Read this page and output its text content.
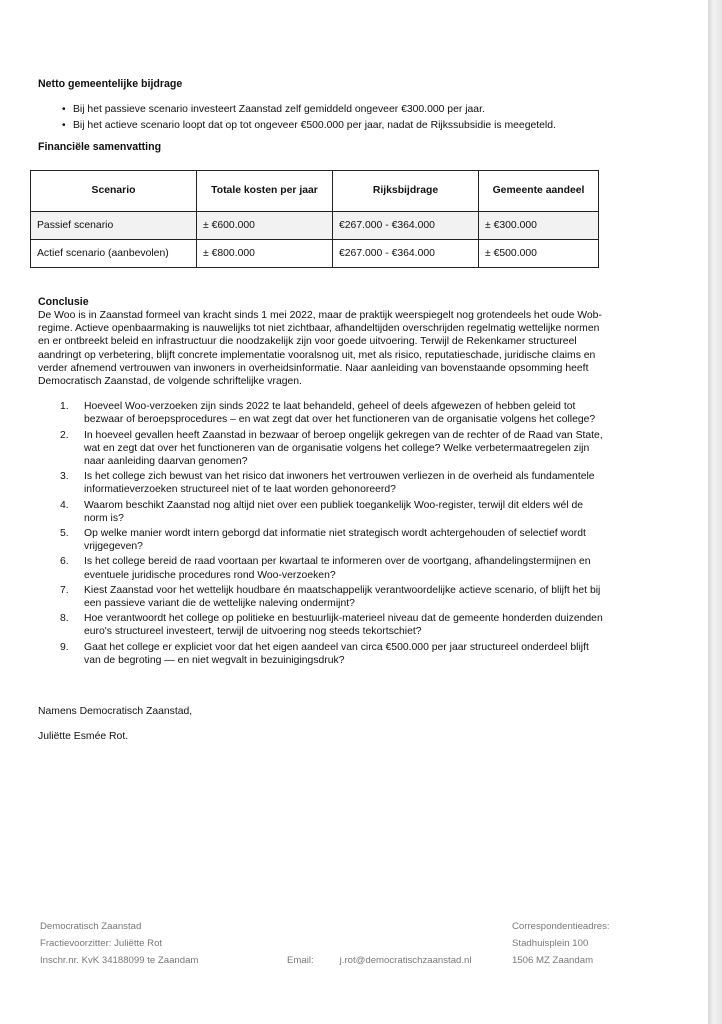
Netto gemeentelijke bijdrage
• Bij het passieve scenario investeert Zaanstad zelf gemiddeld ongeveer €300.000 per jaar.
• Bij het actieve scenario loopt dat op tot ongeveer €500.000 per jaar, nadat de Rijkssubsidie is meegeteld.
Financiële samenvatting
Scenario	Totale kosten per jaar	Rijksbijdrage	Gemeente aandeel
Passief scenario	± €600.000	€267.000 - €364.000	± €300.000
Actief scenario (aanbevolen)	± €800.000	€267.000 - €364.000	± €500.000
Conclusie

De Woo is in Zaanstad formeel van kracht sinds 1 mei 2022, maar de praktijk weerspiegelt nog grotendeels het oude Wob-regime. Actieve openbaarmaking is nauwelijks tot niet zichtbaar, afhandeltijden overschrijden regelmatig wettelijke normen en er ontbreekt beleid en infrastructuur die noodzakelijk zijn voor goede uitvoering. Terwijl de Rekenkamer structureel aandringt op verbetering, blijft concrete implementatie vooralsnog uit, met als risico, reputatieschade, juridische claims en verder afnemend vertrouwen van inwoners in overheidsinformatie. Naar aanleiding van bovenstaande opsomming heeft Democratisch Zaanstad, de volgende schriftelijke vragen.

1. Hoeveel Woo-verzoeken zijn sinds 2022 te laat behandeld, geheel of deels afgewezen of hebben geleid tot bezwaar of beroepsprocedures – en wat zegt dat over het functioneren van de organisatie volgens het college?
2. In hoeveel gevallen heeft Zaanstad in bezwaar of beroep ongelijk gekregen van de rechter of de Raad van State, wat en zegt dat over het functioneren van de organisatie volgens het college? Welke verbetermaatregelen zijn naar aanleiding daarvan genomen?
3. Is het college zich bewust van het risico dat inwoners het vertrouwen verliezen in de overheid als fundamentele informatieverzoeken structureel niet of te laat worden gehonoreerd?
4. Waarom beschikt Zaanstad nog altijd niet over een publiek toegankelijk Woo-register, terwijl dit elders wél de norm is?
5. Op welke manier wordt intern geborgd dat informatie niet strategisch wordt achtergehouden of selectief wordt vrijgegeven?
6. Is het college bereid de raad voortaan per kwartaal te informeren over de voortgang, afhandelingstermijnen en eventuele juridische procedures rond Woo-verzoeken?
7. Kiest Zaanstad voor het wettelijk houdbare én maatschappelijk verantwoordelijke actieve scenario, of blijft het bij een passieve variant die de wettelijke naleving ondermijnt?
8. Hoe verantwoordt het college op politieke en bestuurlijk-materieel niveau dat de gemeente honderden duizenden euro's structureel investeert, terwijl de uitvoering nog steeds tekortschiet?
9. Gaat het college er expliciet voor dat het eigen aandeel van circa €500.000 per jaar structureel onderdeel blijft van de begroting — en niet wegvalt in bezuinigingsdruk?
Namens Democratisch Zaanstad,
Juliëtte Esmée Rot.
Democratisch Zaanstad
Fractievoorzitter: Juliëtte Rot
Inschr.nr. KvK 34188099 te Zaandam	Email:	j.rot@democratischzaanstad.nl
Correspondentieadres:
Stadhuisplein 100
1506 MZ Zaandam
